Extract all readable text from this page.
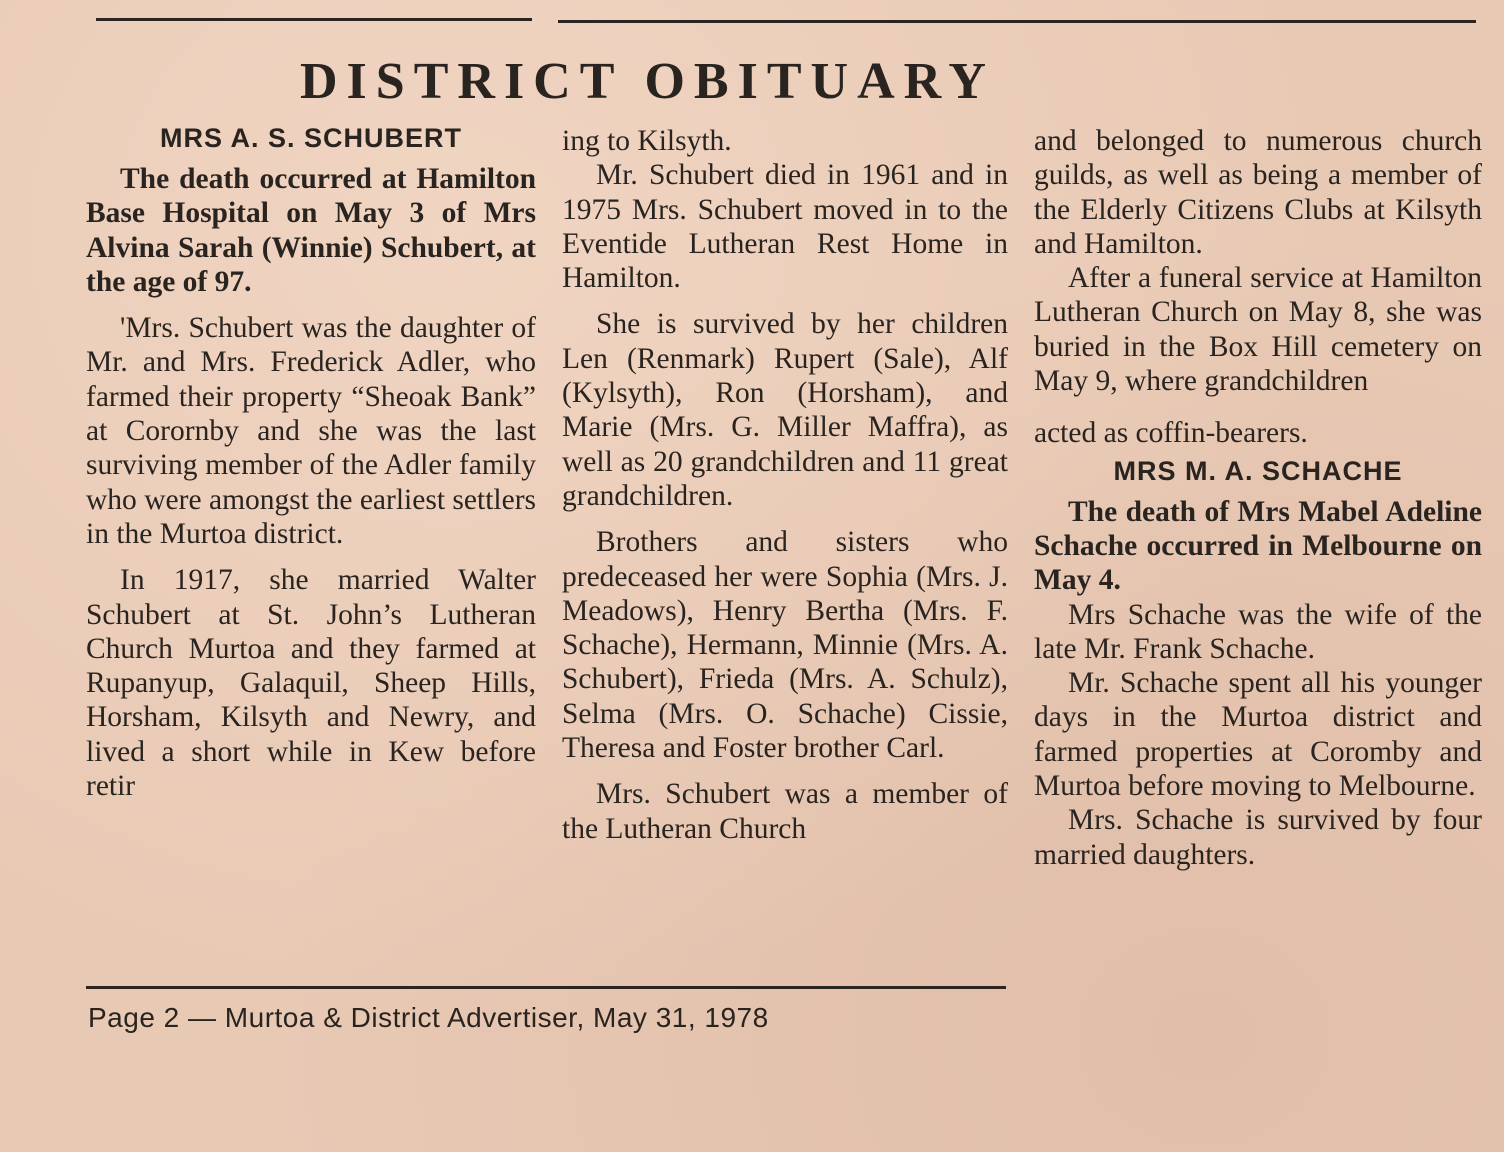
DISTRICT OBITUARY
MRS A. S. SCHUBERT

The death occurred at Hamilton Base Hospital on May 3 of Mrs Alvina Sarah (Winnie) Schubert, at the age of 97.

'Mrs. Schubert was the daughter of Mr. and Mrs. Frederick Adler, who farmed their property “Sheoak Bank” at Corornby and she was the last surviving member of the Adler family who were amongst the earliest settlers in the Murtoa district.

In 1917, she married Walter Schubert at St. John’s Lutheran Church Murtoa and they farmed at Rupanyup, Galaquil, Sheep Hills, Horsham, Kilsyth and Newry, and lived a short while in Kew before retir

ing to Kilsyth.

Mr. Schubert died in 1961 and in 1975 Mrs. Schubert moved in to the Eventide Lutheran Rest Home in Hamilton.

She is survived by her children Len (Renmark) Rupert (Sale), Alf (Kylsyth), Ron (Horsham), and Marie (Mrs. G. Miller Maffra), as well as 20 grandchildren and 11 great grandchildren.

Brothers and sisters who predeceased her were Sophia (Mrs. J. Meadows), Henry Bertha (Mrs. F. Schache), Hermann, Minnie (Mrs. A. Schubert), Frieda (Mrs. A. Schulz), Selma (Mrs. O. Schache) Cissie, Theresa and Foster brother Carl.

Mrs. Schubert was a member of the Lutheran Church

and belonged to numerous church guilds, as well as being a member of the Elderly Citizens Clubs at Kilsyth and Hamilton.

After a funeral service at Hamilton Lutheran Church on May 8, she was buried in the Box Hill cemetery on May 9, where grandchildren

acted as coffin-bearers.

MRS M. A. SCHACHE

The death of Mrs Mabel Adeline Schache occurred in Melbourne on May 4.

Mrs Schache was the wife of the late Mr. Frank Schache.

Mr. Schache spent all his younger days in the Murtoa district and farmed properties at Coromby and Murtoa before moving to Melbourne.

Mrs. Schache is survived by four married daughters.

Page 2 — Murtoa & District Advertiser, May 31, 1978
